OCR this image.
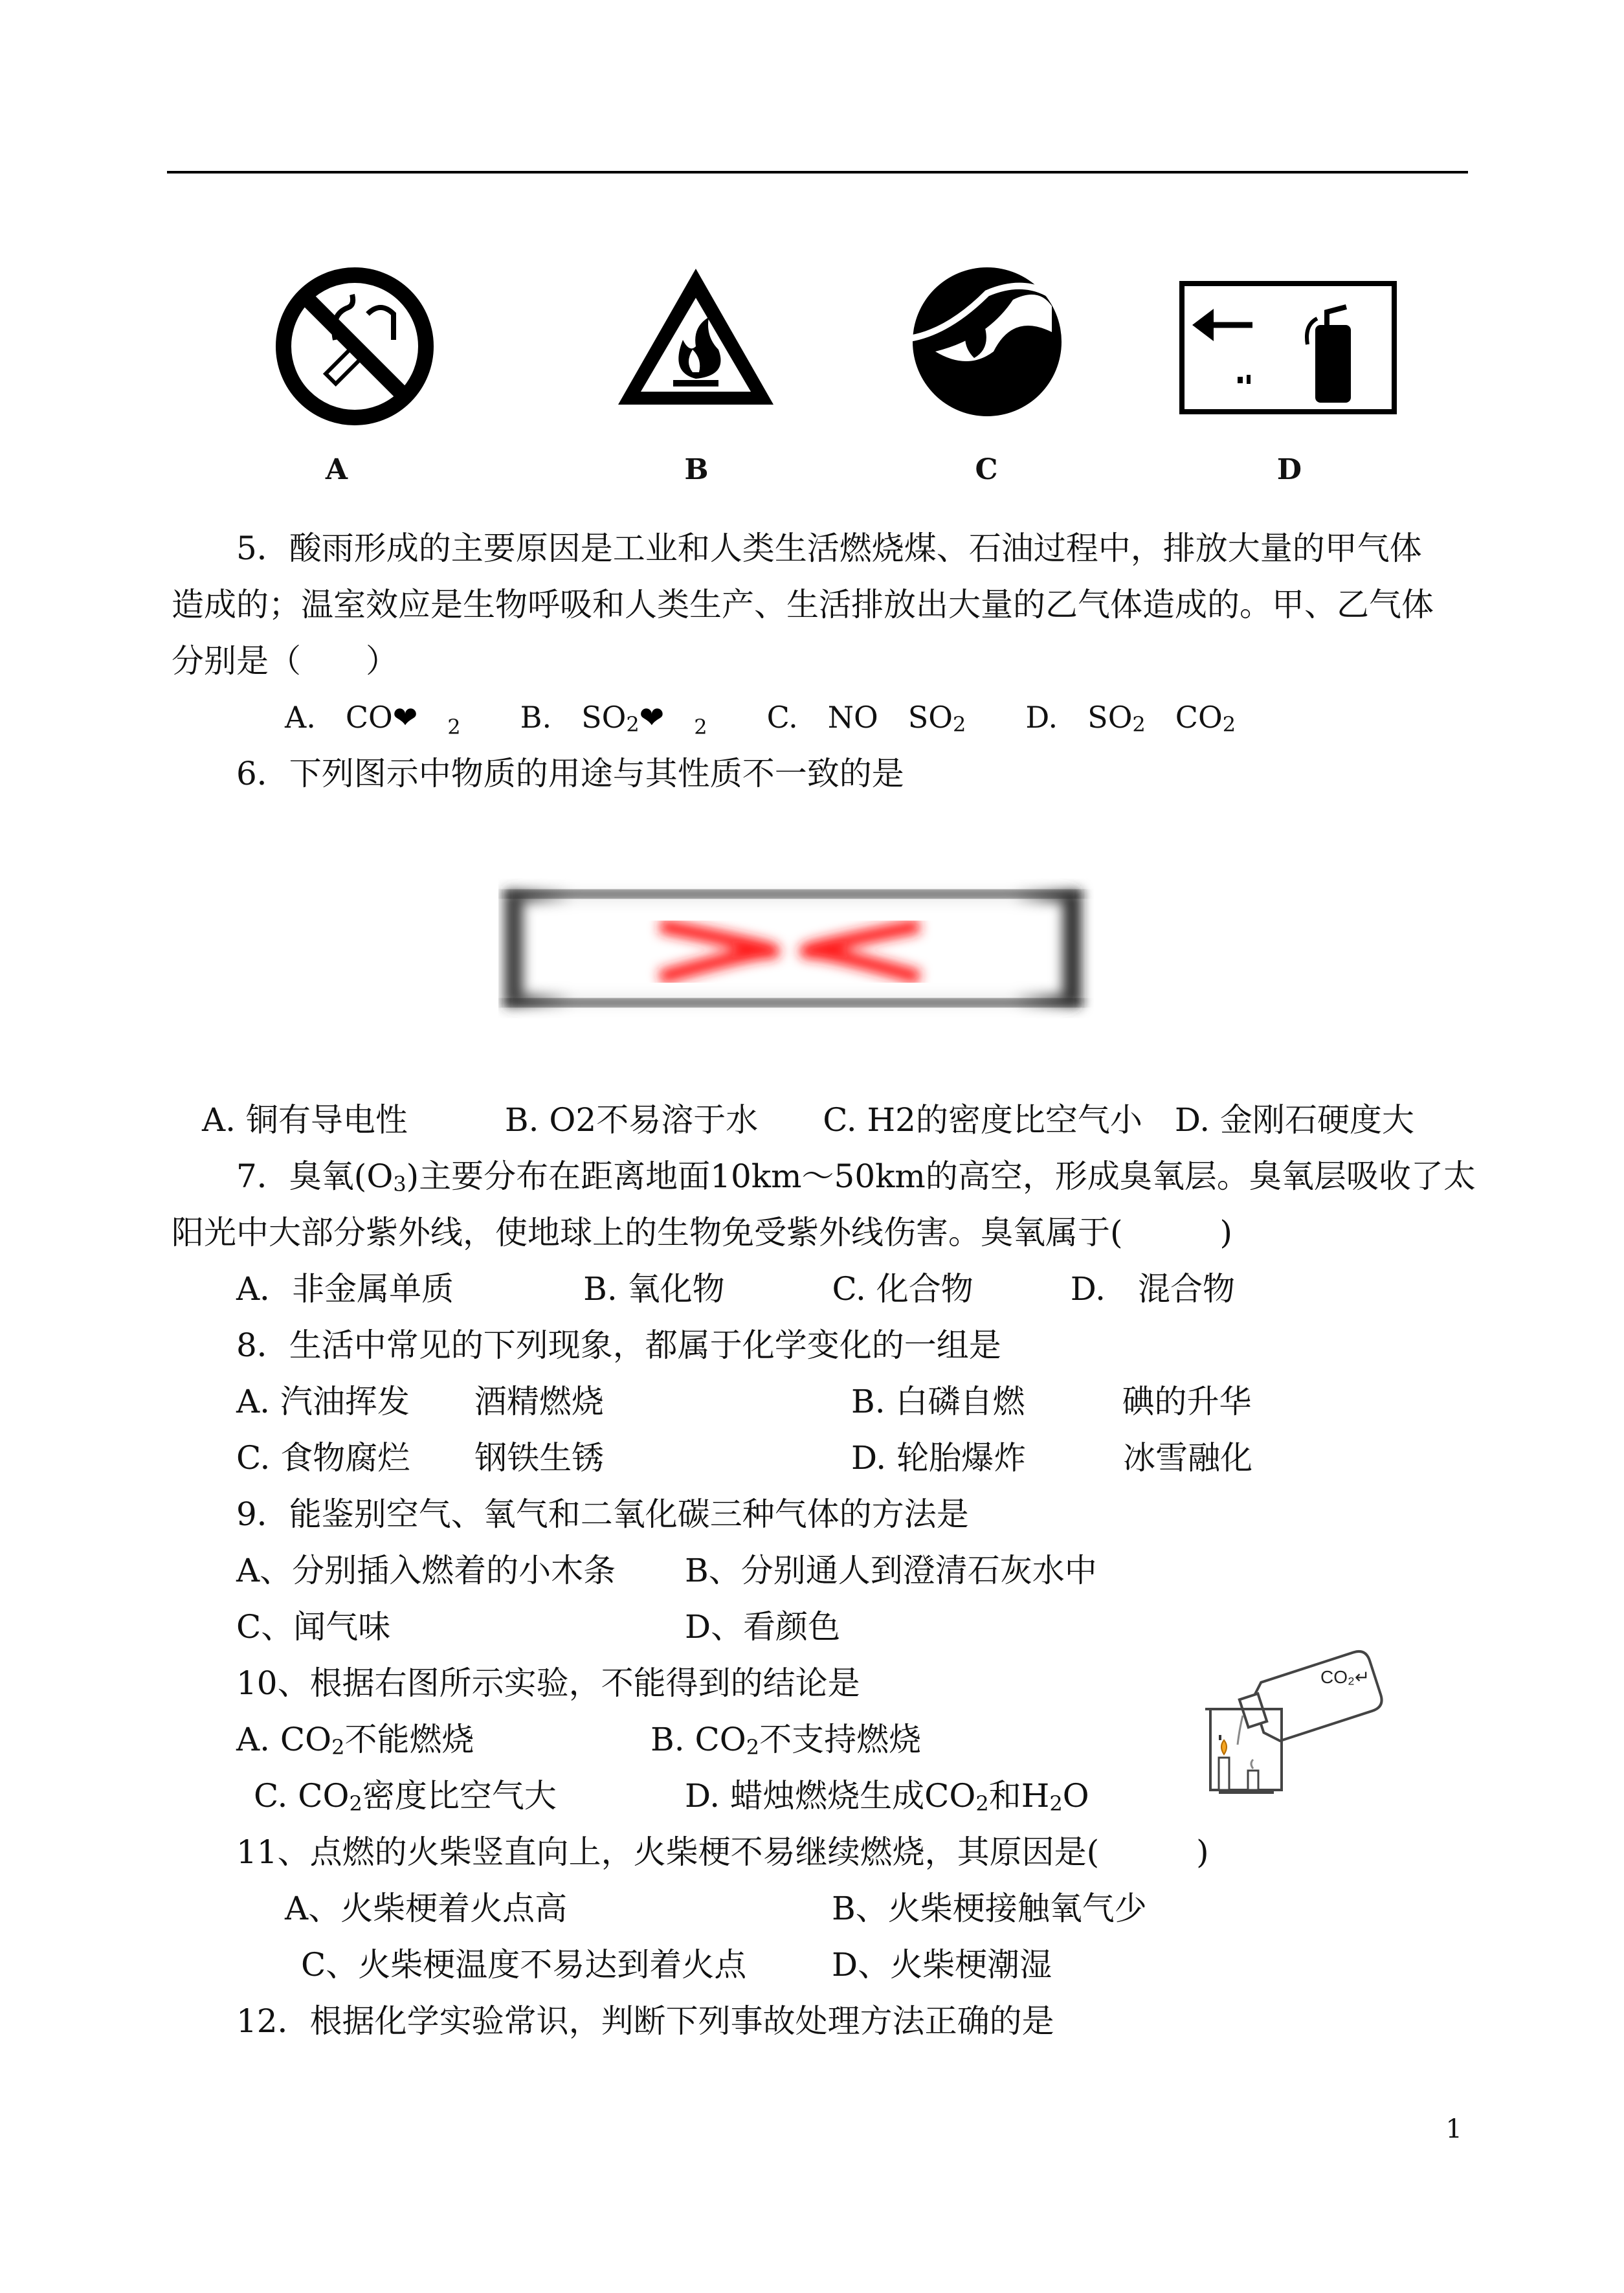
A	B	C	D
5．酸雨形成的主要原因是工业和人类生活燃烧煤、石油过程中，排放大量的甲气体
造成的；温室效应是生物呼吸和人类生产、生活排放出大量的乙气体造成的。甲、乙气体
分别是（　　）
A.　CO❤　 $_2$　　 B.　SO2❤　 $_2$　　 C.　NO　$SO_2$　　 D.　$SO_2$　$CO_2$
6．下列图示中物质的用途与其性质不一致的是
A. 铜有导电性　　　B. O2不易溶于水　　C. H2的密度比空气小　D. 金刚石硬度大
7．臭氧$(O_3)$主要分布在距离地面10km～50km的高空，形成臭氧层。臭氧层吸收了太
阳光中大部分紫外线，使地球上的生物免受紫外线伤害。臭氧属于(　　　)
A．非金属单质　　　　B. 氧化物　　　 C. 化合物　　　D.　混合物
8．生活中常见的下列现象，都属于化学变化的一组是
A. 汽油挥发　　酒精燃烧	B. 白磷自燃　　　碘的升华
C. 食物腐烂　　钢铁生锈	D. 轮胎爆炸　　　冰雪融化
9．能鉴别空气、氧气和二氧化碳三种气体的方法是
A、分别插入燃着的小木条 B、分别通人到澄清石灰水中
C、闻气味	D、看颜色
10、根据右图所示实验，不能得到的结论是
A. $CO_2$不能燃烧	B. $CO_2$不支持燃烧
C. $CO_2$密度比空气大	D. 蜡烛燃烧生成$CO_2$和$H_2O$
CO₂↵
11、点燃的火柴竖直向上，火柴梗不易继续燃烧，其原因是(　　　)
A、火柴梗着火点高	B、火柴梗接触氧气少
C、火柴梗温度不易达到着火点	D、火柴梗潮湿
12．根据化学实验常识，判断下列事故处理方法正确的是
1
